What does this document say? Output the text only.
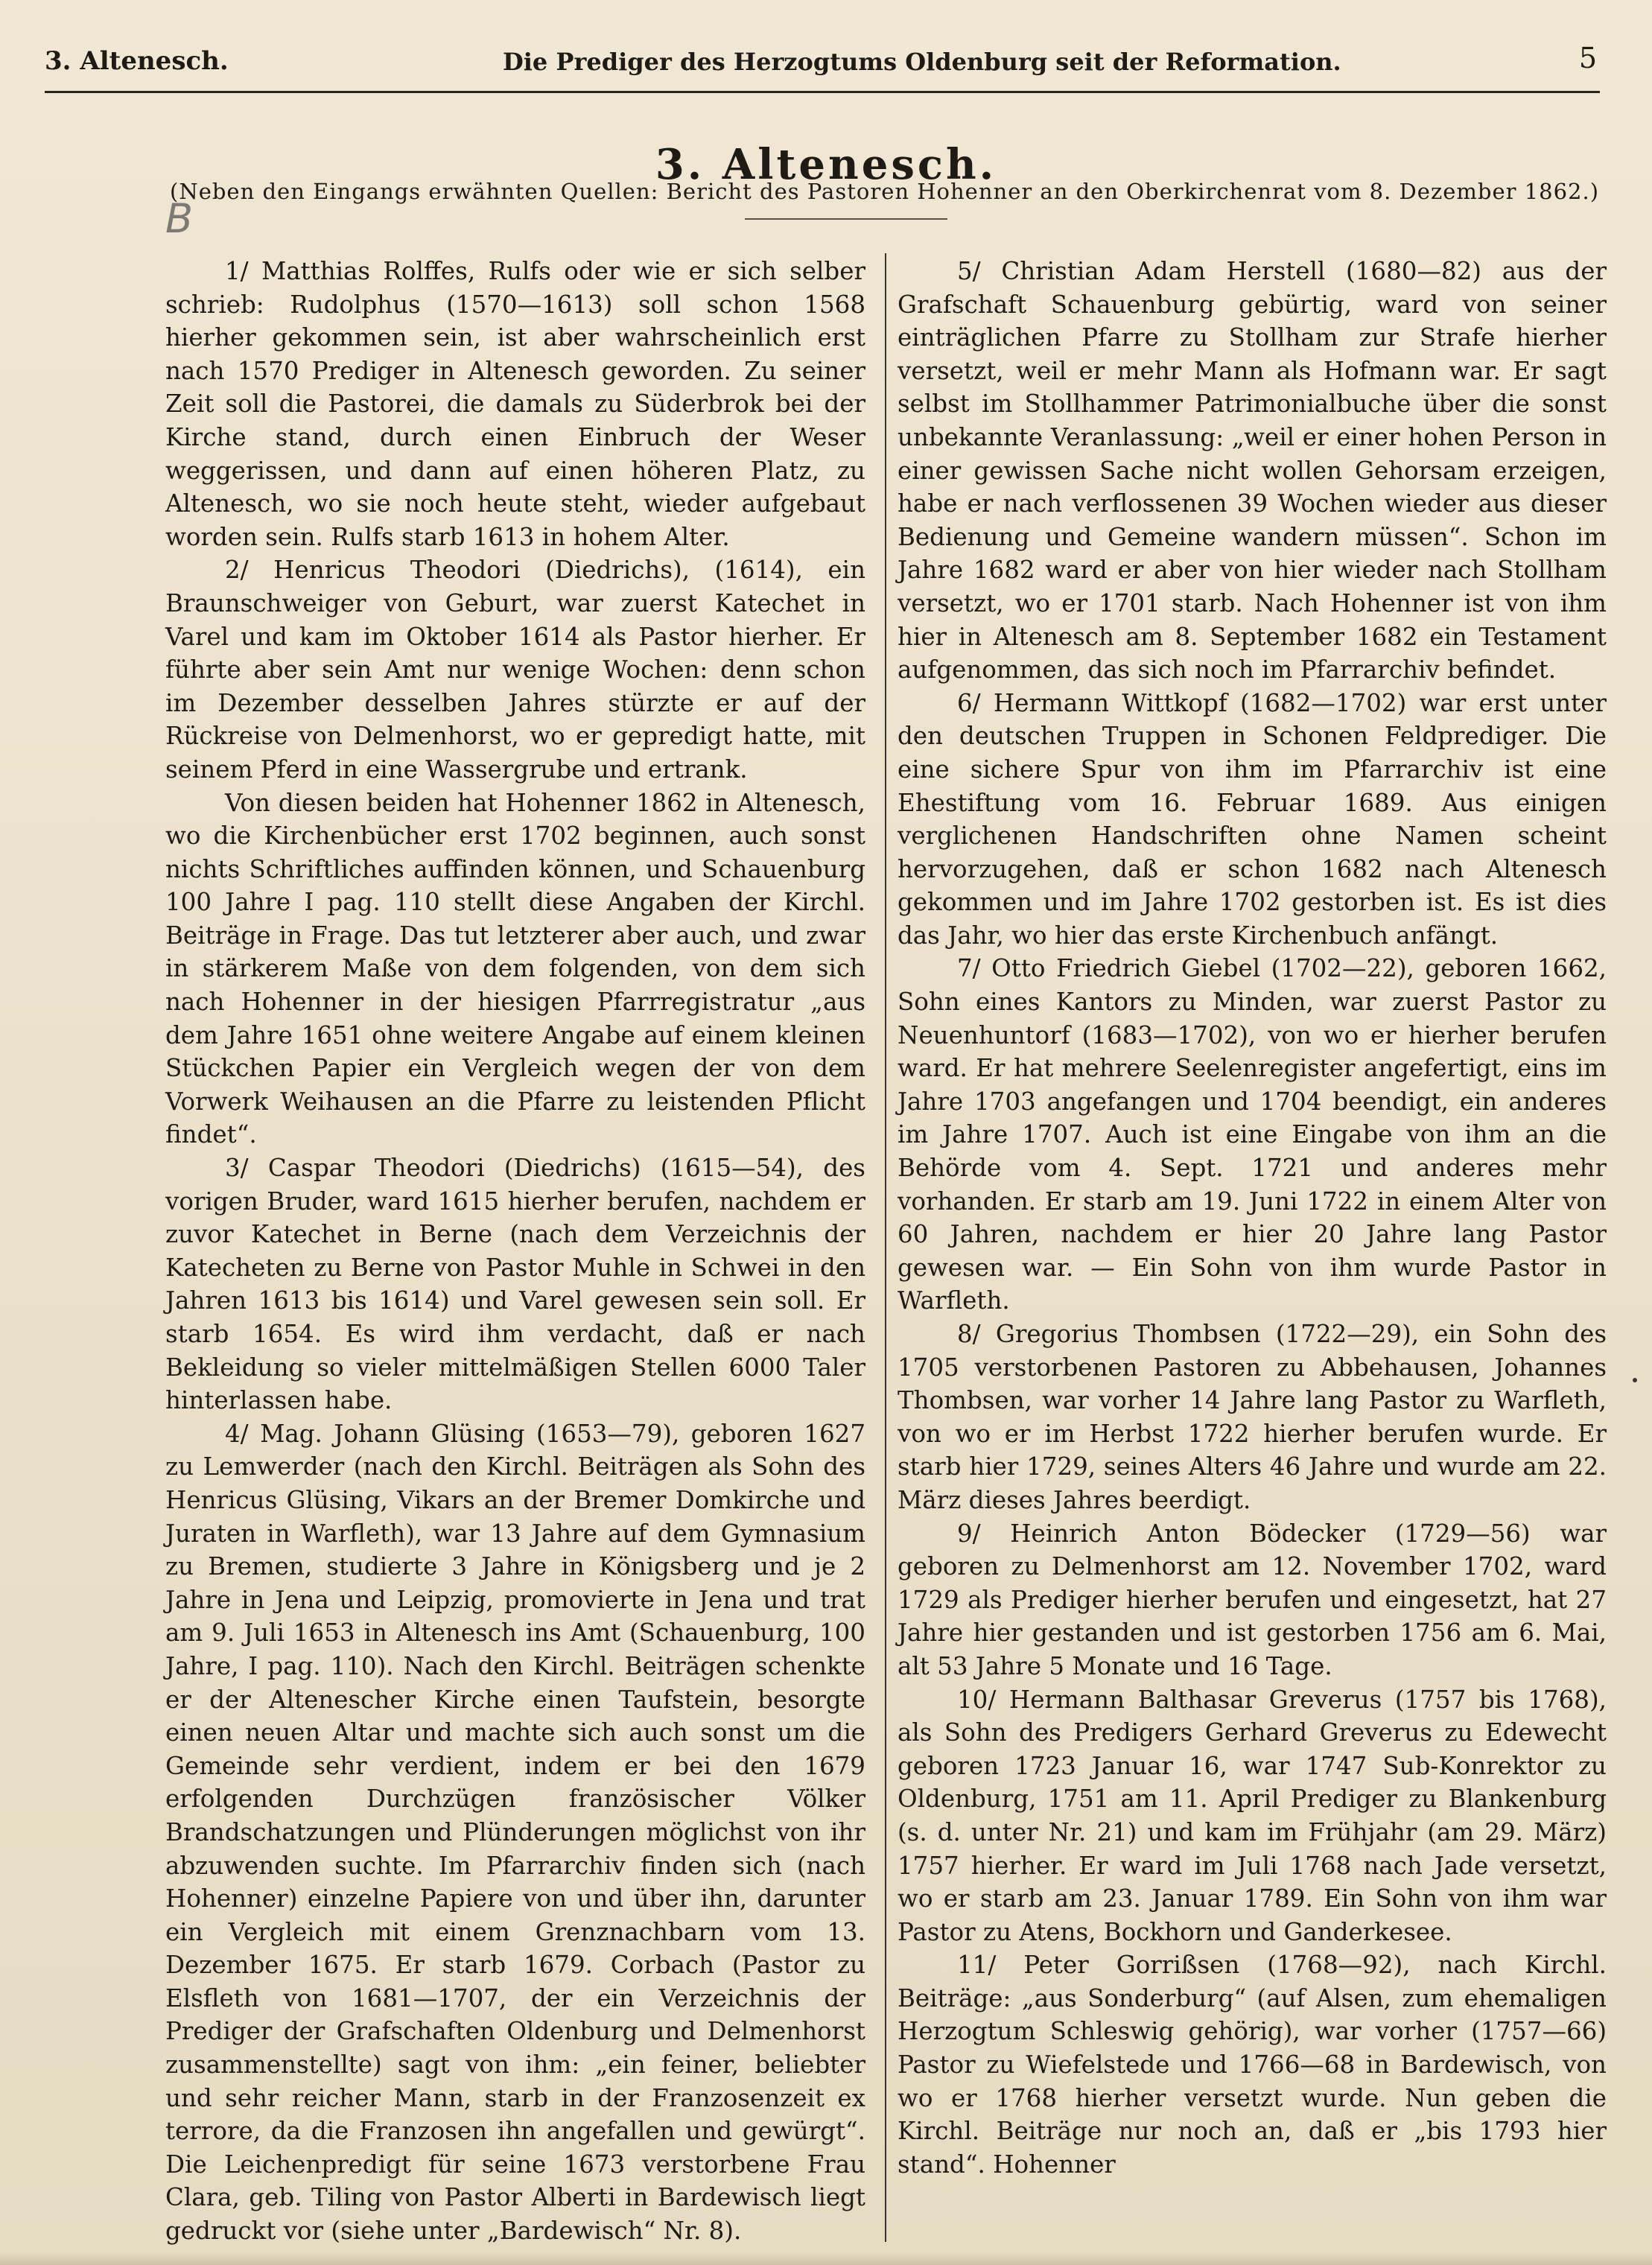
3. Altenesch.	Die Prediger des Herzogtums Oldenburg seit der Reformation.	5
3. Altenesch.
(Neben den Eingangs erwähnten Quellen: Bericht des Pastoren Hohenner an den Oberkirchenrat vom 8. Dezember 1862.)
B

1/ Matthias Rolffes, Rulfs oder wie er sich selber schrieb: Rudolphus (1570—1613) soll schon 1568 hierher gekommen sein, ist aber wahrscheinlich erst nach 1570 Prediger in Altenesch geworden. Zu seiner Zeit soll die Pastorei, die damals zu Süderbrok bei der Kirche stand, durch einen Einbruch der Weser weggerissen, und dann auf einen höheren Platz, zu Altenesch, wo sie noch heute steht, wieder aufgebaut worden sein. Rulfs starb 1613 in hohem Alter.

2/ Henricus Theodori (Diedrichs), (1614), ein Braunschweiger von Geburt, war zuerst Katechet in Varel und kam im Oktober 1614 als Pastor hierher. Er führte aber sein Amt nur wenige Wochen: denn schon im Dezember desselben Jahres stürzte er auf der Rückreise von Delmenhorst, wo er gepredigt hatte, mit seinem Pferd in eine Wassergrube und ertrank.

Von diesen beiden hat Hohenner 1862 in Altenesch, wo die Kirchenbücher erst 1702 beginnen, auch sonst nichts Schriftliches auffinden können, und Schauenburg 100 Jahre I pag. 110 stellt diese Angaben der Kirchl. Beiträge in Frage. Das tut letzterer aber auch, und zwar in stärkerem Maße von dem folgenden, von dem sich nach Hohenner in der hiesigen Pfarrregistratur „aus dem Jahre 1651 ohne weitere Angabe auf einem kleinen Stückchen Papier ein Vergleich wegen der von dem Vorwerk Weihausen an die Pfarre zu leistenden Pflicht findet“.

3/ Caspar Theodori (Diedrichs) (1615—54), des vorigen Bruder, ward 1615 hierher berufen, nachdem er zuvor Katechet in Berne (nach dem Verzeichnis der Katecheten zu Berne von Pastor Muhle in Schwei in den Jahren 1613 bis 1614) und Varel gewesen sein soll. Er starb 1654. Es wird ihm verdacht, daß er nach Bekleidung so vieler mittelmäßigen Stellen 6000 Taler hinterlassen habe.

4/ Mag. Johann Glüsing (1653—79), geboren 1627 zu Lemwerder (nach den Kirchl. Beiträgen als Sohn des Henricus Glüsing, Vikars an der Bremer Domkirche und Juraten in Warfleth), war 13 Jahre auf dem Gymnasium zu Bremen, studierte 3 Jahre in Königsberg und je 2 Jahre in Jena und Leipzig, promovierte in Jena und trat am 9. Juli 1653 in Altenesch ins Amt (Schauenburg, 100 Jahre, I pag. 110). Nach den Kirchl. Beiträgen schenkte er der Altenescher Kirche einen Taufstein, besorgte einen neuen Altar und machte sich auch sonst um die Gemeinde sehr verdient, indem er bei den 1679 erfolgenden Durchzügen französischer Völker Brandschatzungen und Plünderungen möglichst von ihr abzuwenden suchte. Im Pfarrarchiv finden sich (nach Hohenner) einzelne Papiere von und über ihn, darunter ein Vergleich mit einem Grenznachbarn vom 13. Dezember 1675. Er starb 1679. Corbach (Pastor zu Elsfleth von 1681—1707, der ein Verzeichnis der Prediger der Grafschaften Oldenburg und Delmenhorst zusammenstellte) sagt von ihm: „ein feiner, beliebter und sehr reicher Mann, starb in der Franzosenzeit ex terrore, da die Franzosen ihn angefallen und gewürgt“. Die Leichenpredigt für seine 1673 verstorbene Frau Clara, geb. Tiling von Pastor Alberti in Bardewisch liegt gedruckt vor (siehe unter „Bardewisch“ Nr. 8).

5/ Christian Adam Herstell (1680—82) aus der Grafschaft Schauenburg gebürtig, ward von seiner einträglichen Pfarre zu Stollham zur Strafe hierher versetzt, weil er mehr Mann als Hofmann war. Er sagt selbst im Stollhammer Patrimonialbuche über die sonst unbekannte Veranlassung: „weil er einer hohen Person in einer gewissen Sache nicht wollen Gehorsam erzeigen, habe er nach verflossenen 39 Wochen wieder aus dieser Bedienung und Gemeine wandern müssen“. Schon im Jahre 1682 ward er aber von hier wieder nach Stollham versetzt, wo er 1701 starb. Nach Hohenner ist von ihm hier in Altenesch am 8. September 1682 ein Testament aufgenommen, das sich noch im Pfarrarchiv befindet.

6/ Hermann Wittkopf (1682—1702) war erst unter den deutschen Truppen in Schonen Feldprediger. Die eine sichere Spur von ihm im Pfarrarchiv ist eine Ehestiftung vom 16. Februar 1689. Aus einigen verglichenen Handschriften ohne Namen scheint hervorzugehen, daß er schon 1682 nach Altenesch gekommen und im Jahre 1702 gestorben ist. Es ist dies das Jahr, wo hier das erste Kirchenbuch anfängt.

7/ Otto Friedrich Giebel (1702—22), geboren 1662, Sohn eines Kantors zu Minden, war zuerst Pastor zu Neuenhuntorf (1683—1702), von wo er hierher berufen ward. Er hat mehrere Seelenregister angefertigt, eins im Jahre 1703 angefangen und 1704 beendigt, ein anderes im Jahre 1707. Auch ist eine Eingabe von ihm an die Behörde vom 4. Sept. 1721 und anderes mehr vorhanden. Er starb am 19. Juni 1722 in einem Alter von 60 Jahren, nachdem er hier 20 Jahre lang Pastor gewesen war. — Ein Sohn von ihm wurde Pastor in Warfleth.

8/ Gregorius Thombsen (1722—29), ein Sohn des 1705 verstorbenen Pastoren zu Abbehausen, Johannes Thombsen, war vorher 14 Jahre lang Pastor zu Warfleth, von wo er im Herbst 1722 hierher berufen wurde. Er starb hier 1729, seines Alters 46 Jahre und wurde am 22. März dieses Jahres beerdigt.

9/ Heinrich Anton Bödecker (1729—56) war geboren zu Delmenhorst am 12. November 1702, ward 1729 als Prediger hierher berufen und eingesetzt, hat 27 Jahre hier gestanden und ist gestorben 1756 am 6. Mai, alt 53 Jahre 5 Monate und 16 Tage.

10/ Hermann Balthasar Greverus (1757 bis 1768), als Sohn des Predigers Gerhard Greverus zu Edewecht geboren 1723 Januar 16, war 1747 Sub-Konrektor zu Oldenburg, 1751 am 11. April Prediger zu Blankenburg (s. d. unter Nr. 21) und kam im Frühjahr (am 29. März) 1757 hierher. Er ward im Juli 1768 nach Jade versetzt, wo er starb am 23. Januar 1789. Ein Sohn von ihm war Pastor zu Atens, Bockhorn und Ganderkesee.

11/ Peter Gorrißsen (1768—92), nach Kirchl. Beiträge: „aus Sonderburg“ (auf Alsen, zum ehemaligen Herzogtum Schleswig gehörig), war vorher (1757—66) Pastor zu Wiefelstede und 1766—68 in Bardewisch, von wo er 1768 hierher versetzt wurde. Nun geben die Kirchl. Beiträge nur noch an, daß er „bis 1793 hier stand“. Hohenner
